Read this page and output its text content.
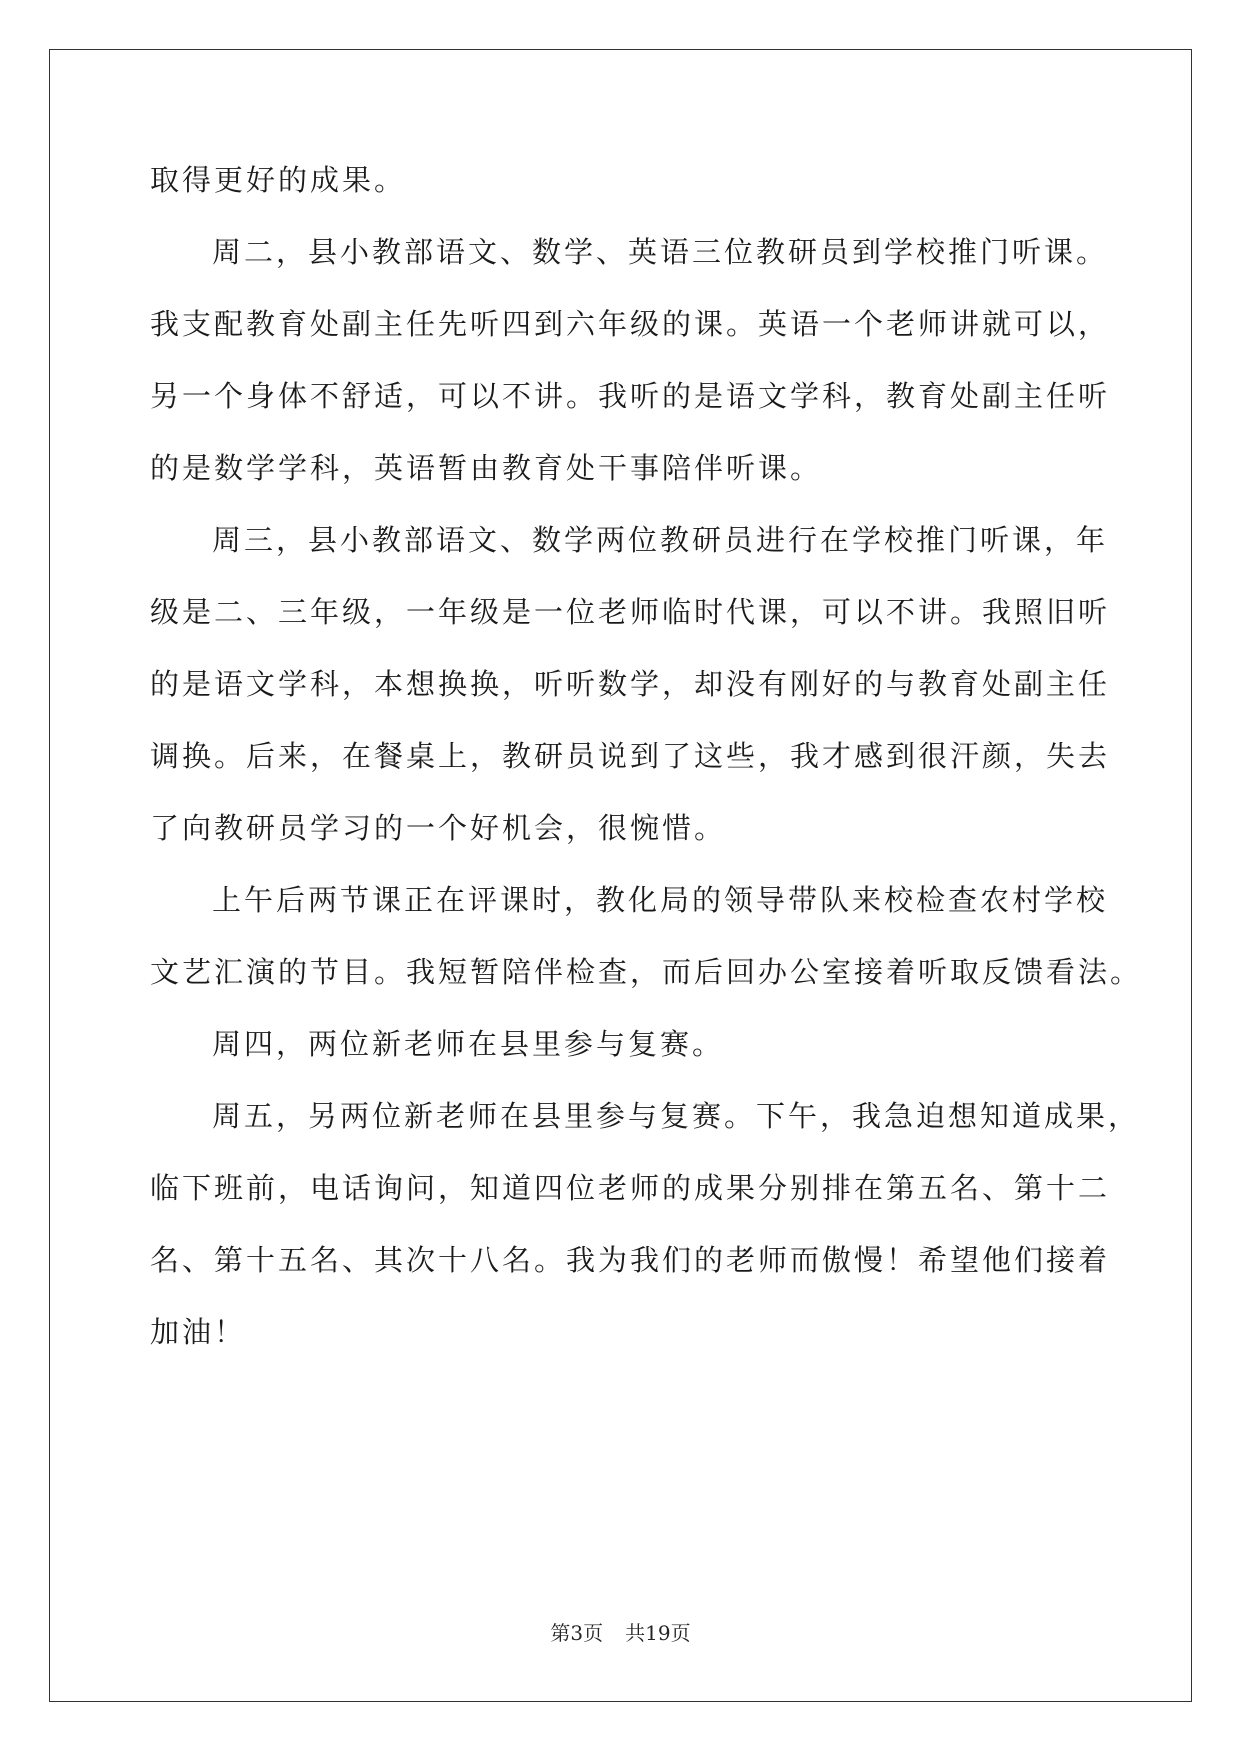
取得更好的成果。
周二，县小教部语文、数学、英语三位教研员到学校推门听课。
我支配教育处副主任先听四到六年级的课。英语一个老师讲就可以，
另一个身体不舒适，可以不讲。我听的是语文学科，教育处副主任听
的是数学学科，英语暂由教育处干事陪伴听课。
周三，县小教部语文、数学两位教研员进行在学校推门听课，年
级是二、三年级，一年级是一位老师临时代课，可以不讲。我照旧听
的是语文学科，本想换换，听听数学，却没有刚好的与教育处副主任
调换。后来，在餐桌上，教研员说到了这些，我才感到很汗颜，失去
了向教研员学习的一个好机会，很惋惜。
上午后两节课正在评课时，教化局的领导带队来校检查农村学校
文艺汇演的节目。我短暂陪伴检查，而后回办公室接着听取反馈看法。
周四，两位新老师在县里参与复赛。
周五，另两位新老师在县里参与复赛。下午，我急迫想知道成果，
临下班前，电话询问，知道四位老师的成果分别排在第五名、第十二
名、第十五名、其次十八名。我为我们的老师而傲慢！希望他们接着
加油！
第3页 共19页
